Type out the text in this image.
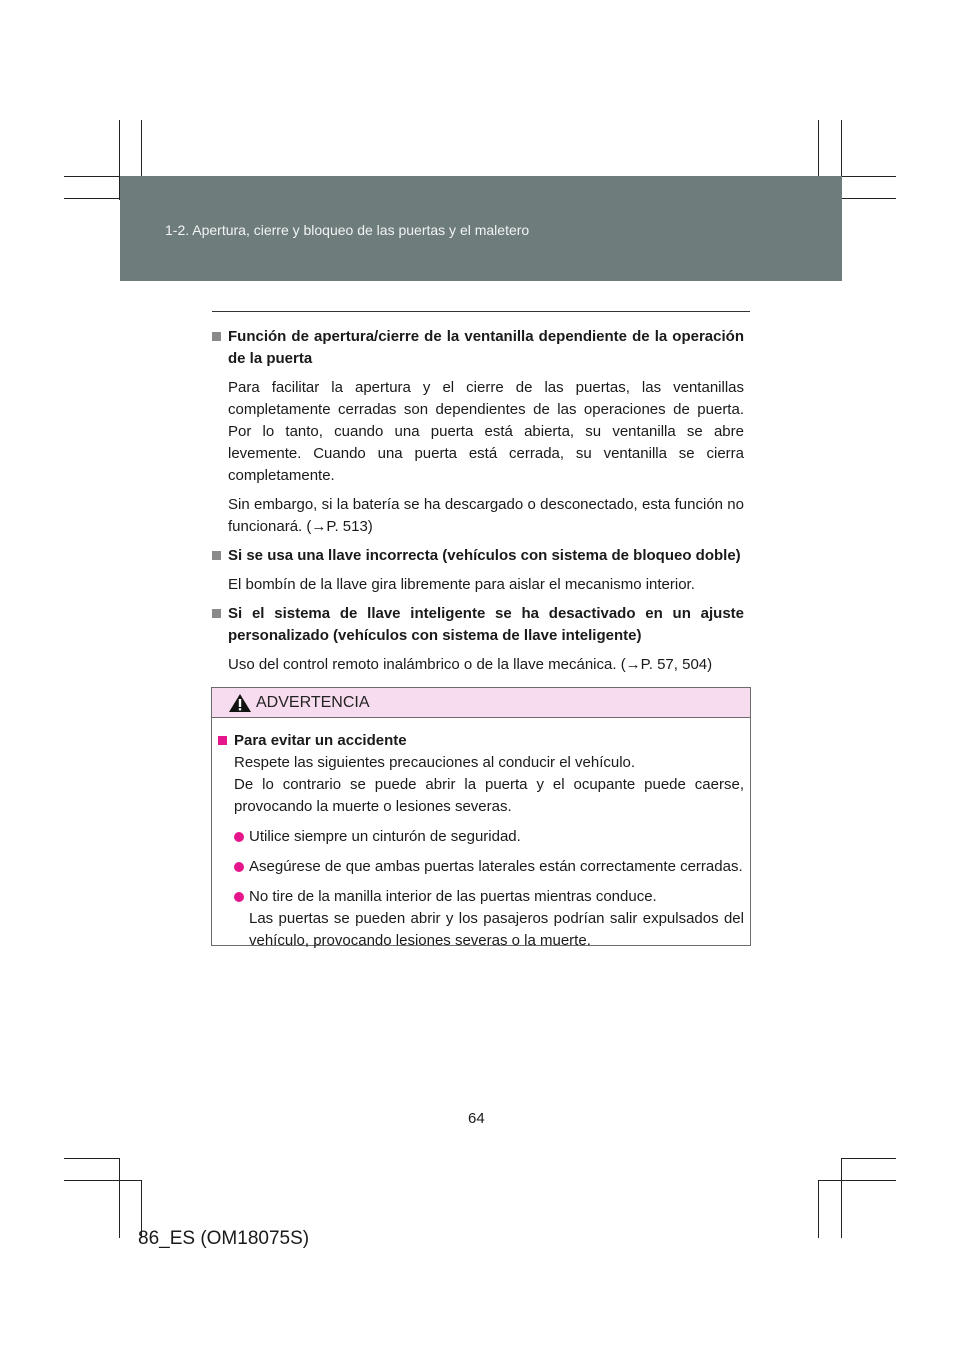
1-2. Apertura, cierre y bloqueo de las puertas y el maletero
Función de apertura/cierre de la ventanilla dependiente de la operación de la puerta
Para facilitar la apertura y el cierre de las puertas, las ventanillas completamente cerradas son dependientes de las operaciones de puerta. Por lo tanto, cuando una puerta está abierta, su ventanilla se abre levemente. Cuando una puerta está cerrada, su ventanilla se cierra completamente.
Sin embargo, si la batería se ha descargado o desconectado, esta función no funcionará. (→P. 513)
Si se usa una llave incorrecta (vehículos con sistema de bloqueo doble)
El bombín de la llave gira libremente para aislar el mecanismo interior.
Si el sistema de llave inteligente se ha desactivado en un ajuste personalizado (vehículos con sistema de llave inteligente)
Uso del control remoto inalámbrico o de la llave mecánica. (→P. 57, 504)
ADVERTENCIA
Para evitar un accidente
Respete las siguientes precauciones al conducir el vehículo.
De lo contrario se puede abrir la puerta y el ocupante puede caerse, provocando la muerte o lesiones severas.
Utilice siempre un cinturón de seguridad.
Asegúrese de que ambas puertas laterales están correctamente cerradas.
No tire de la manilla interior de las puertas mientras conduce.
Las puertas se pueden abrir y los pasajeros podrían salir expulsados del vehículo, provocando lesiones severas o la muerte.
64
86_ES (OM18075S)
